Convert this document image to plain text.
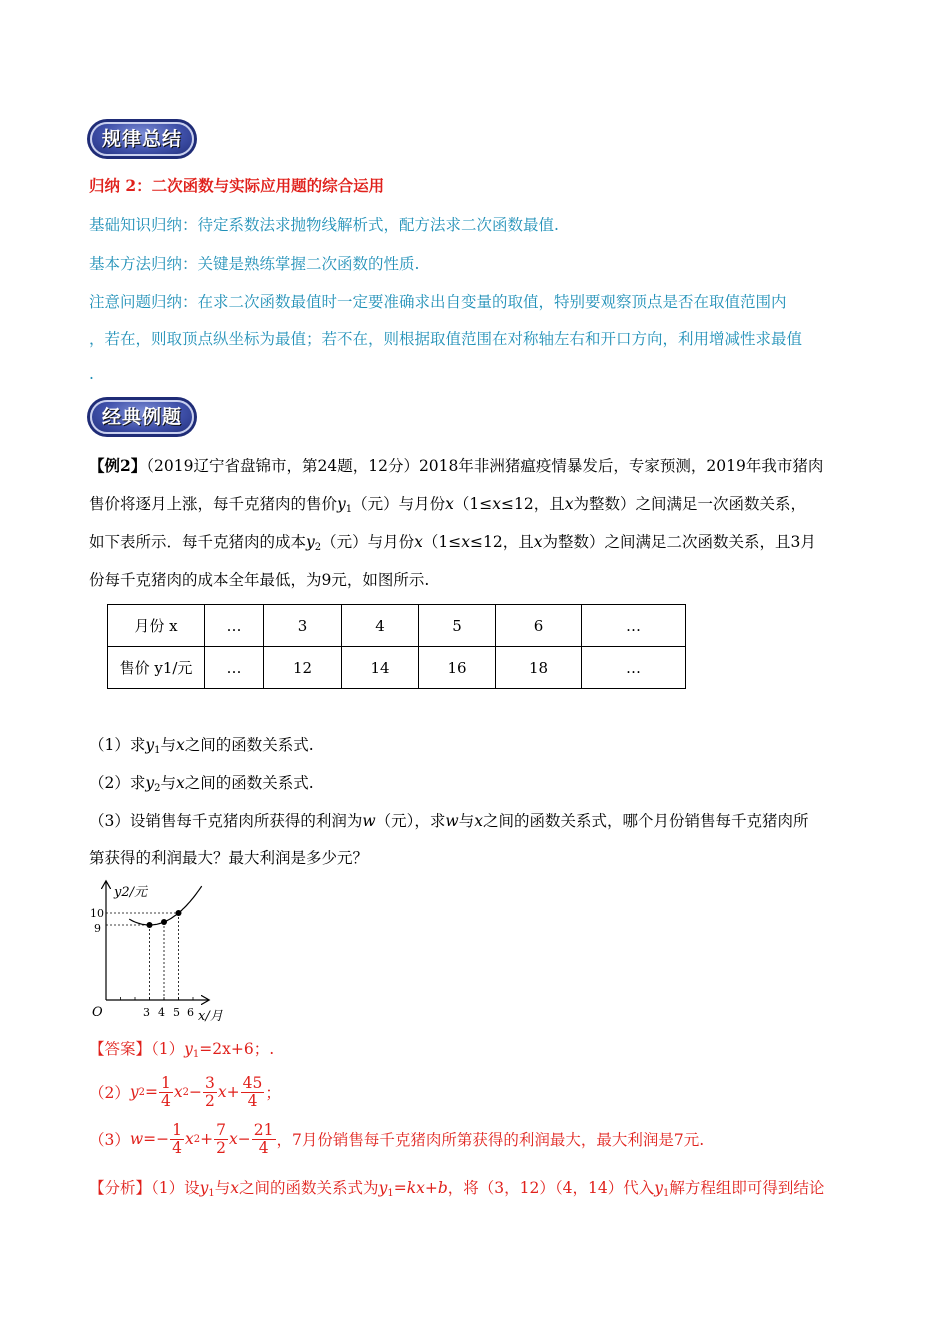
规律总结
归纳 2：二次函数与实际应用题的综合运用
基础知识归纳：待定系数法求抛物线解析式，配方法求二次函数最值.
基本方法归纳：关键是熟练掌握二次函数的性质.
注意问题归纳：在求二次函数最值时一定要准确求出自变量的取值，特别要观察顶点是否在取值范围内
，若在，则取顶点纵坐标为最值；若不在，则根据取值范围在对称轴左右和开口方向，利用增减性求最值
.
经典例题
【例2】（2019辽宁省盘锦市，第24题，12分）2018年非洲猪瘟疫情暴发后，专家预测，2019年我市猪肉
售价将逐月上涨，每千克猪肉的售价$y_1$（元）与月份x（1≤x≤12，且x为整数）之间满足一次函数关系，
如下表所示．每千克猪肉的成本$y_2$（元）与月份x（1≤x≤12，且x为整数）之间满足二次函数关系，且3月
份每千克猪肉的成本全年最低，为9元，如图所示.
月份 x	…	3	4	5	6	…
售价 y1/元	…	12	14	16	18	…
（1）求$y_1$与x之间的函数关系式.
（2）求$y_2$与x之间的函数关系式.
（3）设销售每千克猪肉所获得的利润为w（元），求w与x之间的函数关系式，哪个月份销售每千克猪肉所
第获得的利润最大？最大利润是多少元？
y2/元
x/月
O
10
9
3 4 5 6
【答案】$(1)y_1=2x+6$；.
（2） y $2 = \frac{1}{4}$ x $2 - \frac{3}{2}$ $x + \frac{45}{4}$ ；
（3） $w =- \frac{1}{4}$ x $2 + \frac{7}{2}$ $x - \frac{21}{4}$ ，7月份销售每千克猪肉所第获得的利润最大，最大利润是7元.
【分析】（1）设$y_1$与x之间的函数关系式为$y_1=kx+b$，将（3，12）（4，14）代入$y_1$解方程组即可得到结论
